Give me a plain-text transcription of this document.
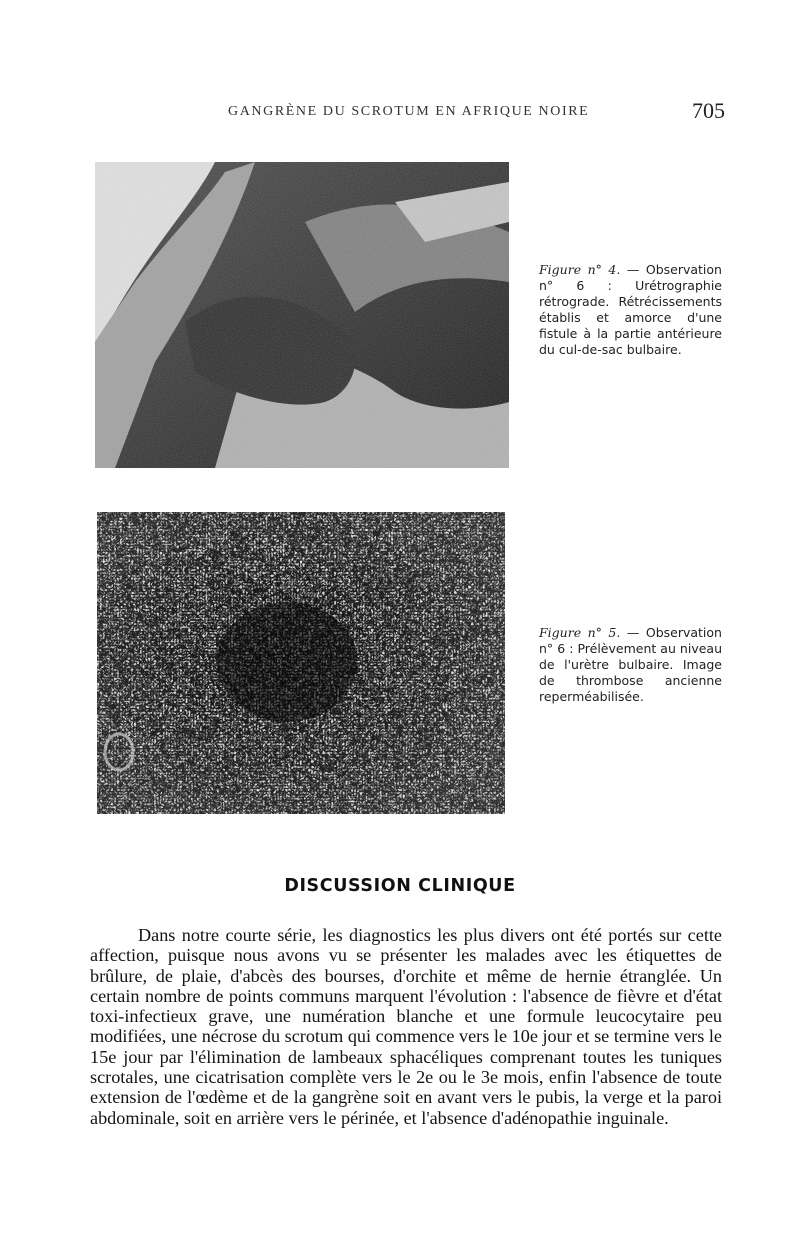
GANGRÈNE DU SCROTUM EN AFRIQUE NOIRE	705
Figure n° 4. — Observation n° 6 : Urétrographie rétrograde. Rétrécissements établis et amorce d'une fistule à la partie antérieure du cul-de-sac bulbaire.
Figure n° 5. — Observation n° 6 : Prélèvement au niveau de l'urètre bulbaire. Image de thrombose ancienne reperméabilisée.
DISCUSSION CLINIQUE

Dans notre courte série, les diagnostics les plus divers ont été portés sur cette affection, puisque nous avons vu se présenter les malades avec les étiquettes de brûlure, de plaie, d'abcès des bourses, d'orchite et même de hernie étranglée. Un certain nombre de points communs marquent l'évolution : l'absence de fièvre et d'état toxi-infectieux grave, une numération blanche et une formule leucocytaire peu modifiées, une nécrose du scrotum qui commence vers le 10e jour et se termine vers le 15e jour par l'élimination de lambeaux sphacéliques comprenant toutes les tuniques scrotales, une cicatrisation complète vers le 2e ou le 3e mois, enfin l'absence de toute extension de l'œdème et de la gangrène soit en avant vers le pubis, la verge et la paroi abdominale, soit en arrière vers le périnée, et l'absence d'adénopathie inguinale.
